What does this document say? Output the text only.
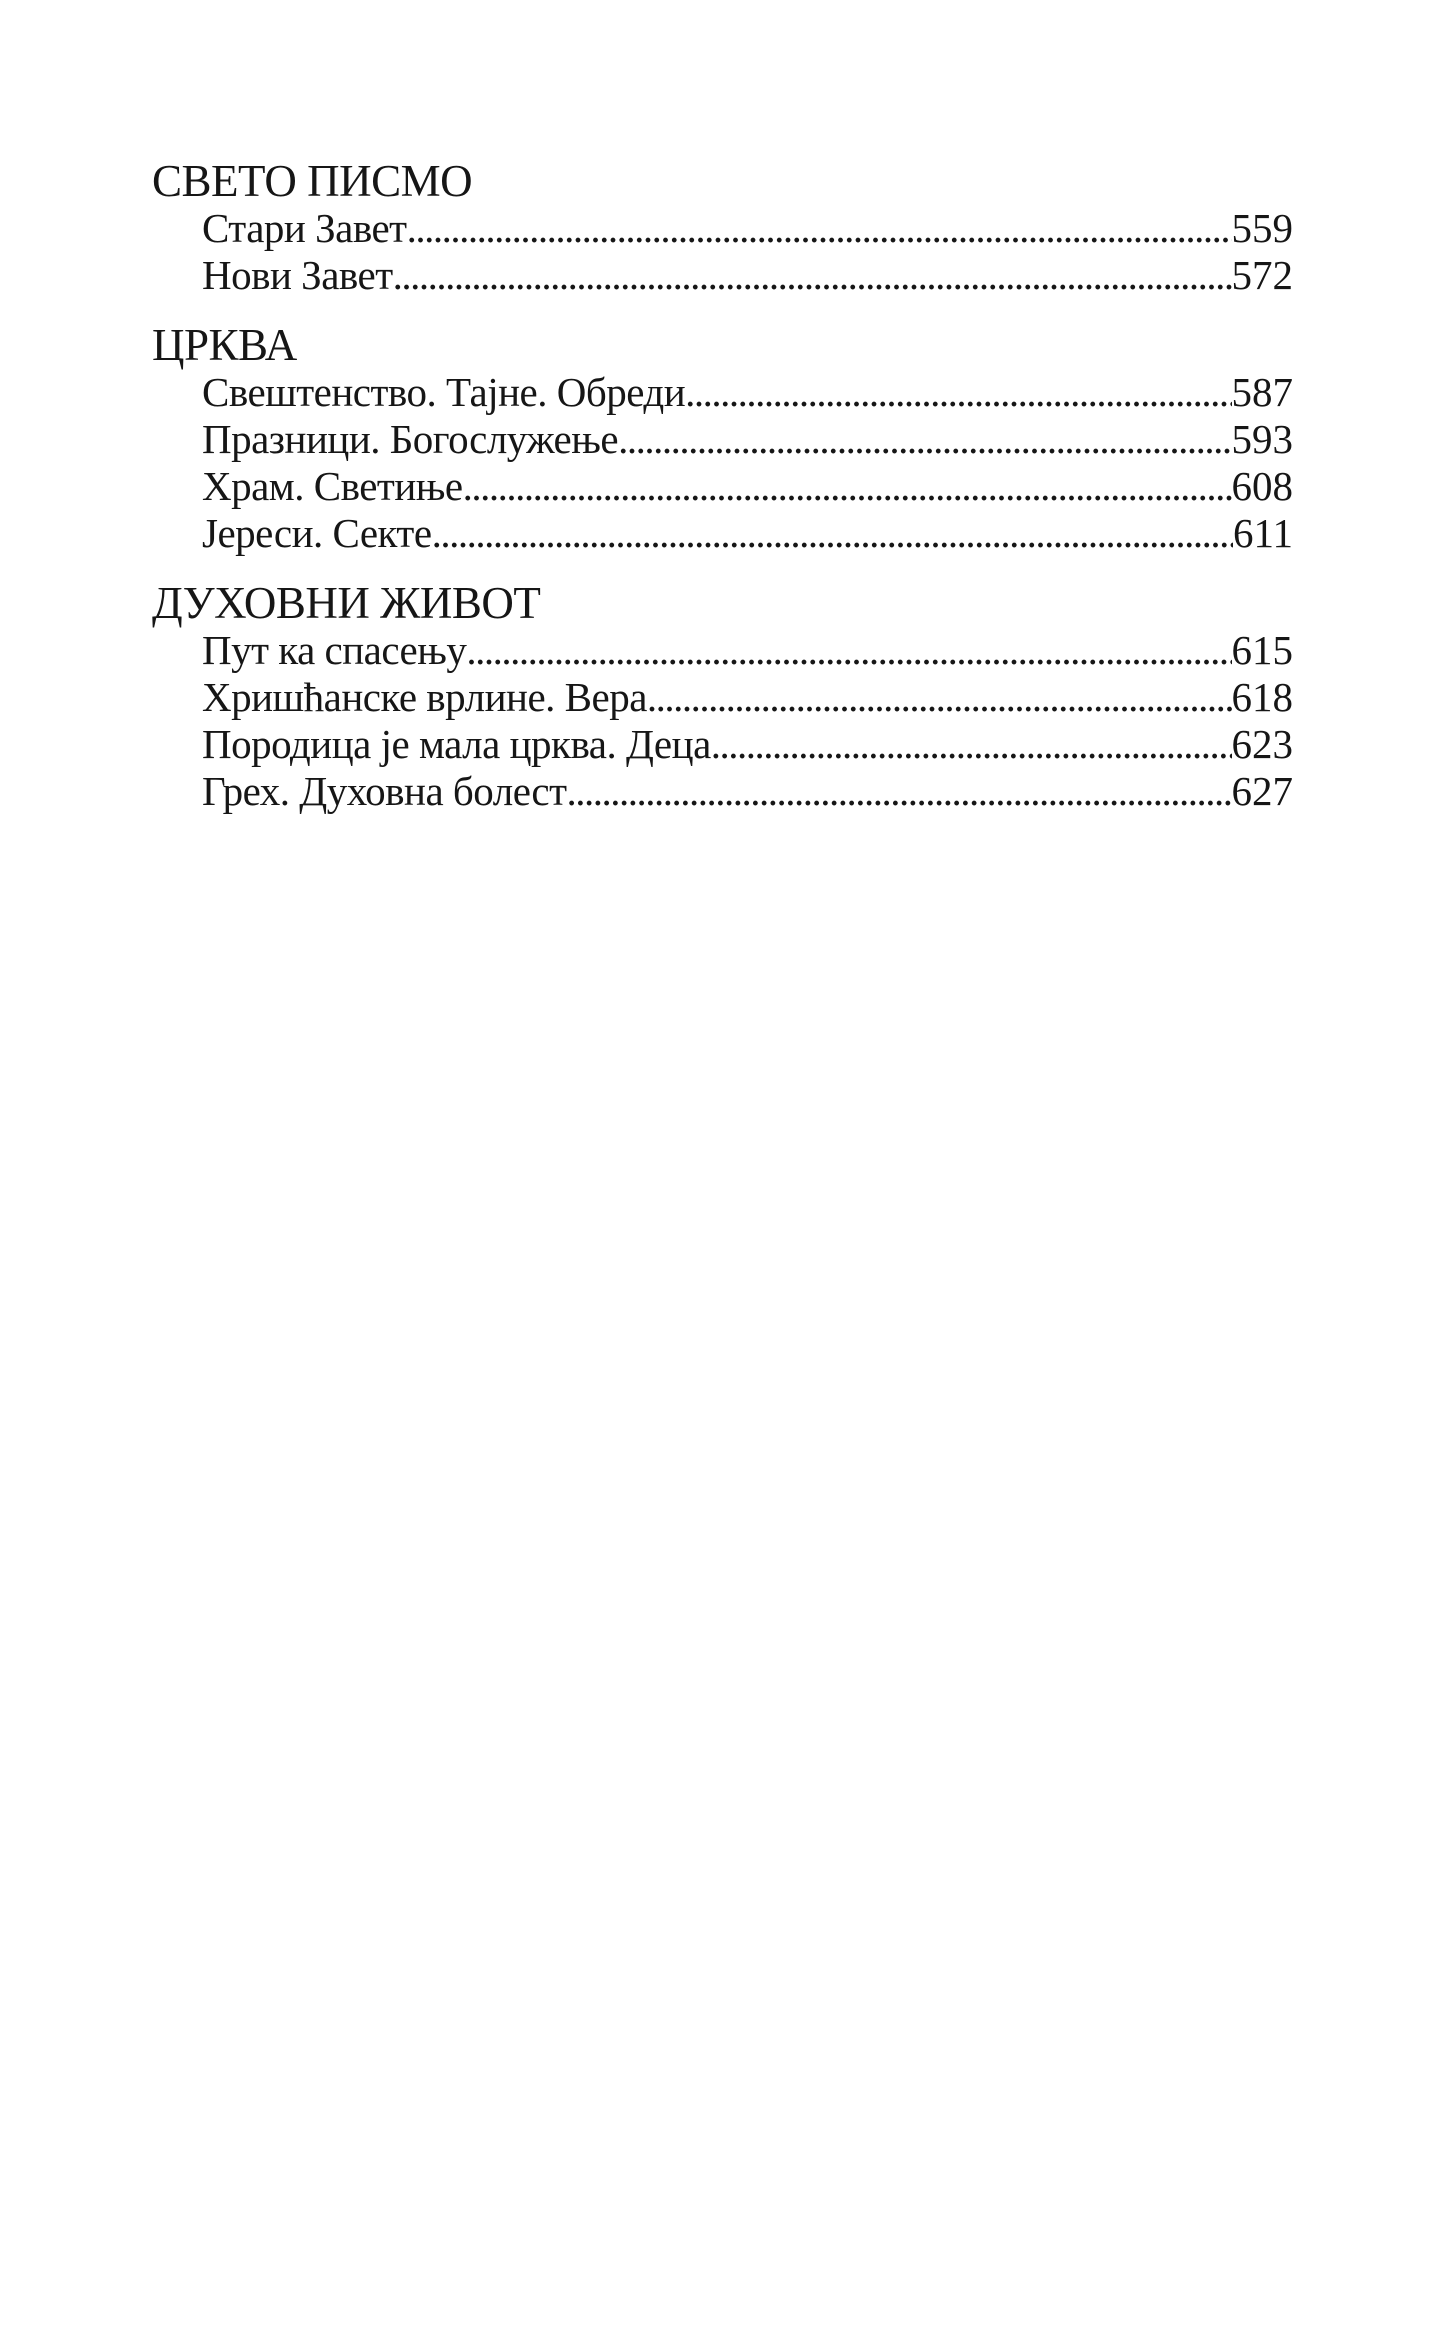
СВЕТО ПИСМО
Стари Завет .....	559
Нови Завет .....	572
ЦРКВА
Свештенство. Тајне. Обреди .....	587
Празници. Богослужење .....	593
Храм. Светиње .....	608
Јереси. Секте .....	611
ДУХОВНИ ЖИВОТ
Пут ка спасењу .....	615
Хришћанске врлине. Вера .....	618
Породица је мала црква. Деца .....	623
Грех. Духовна болест .....	627
